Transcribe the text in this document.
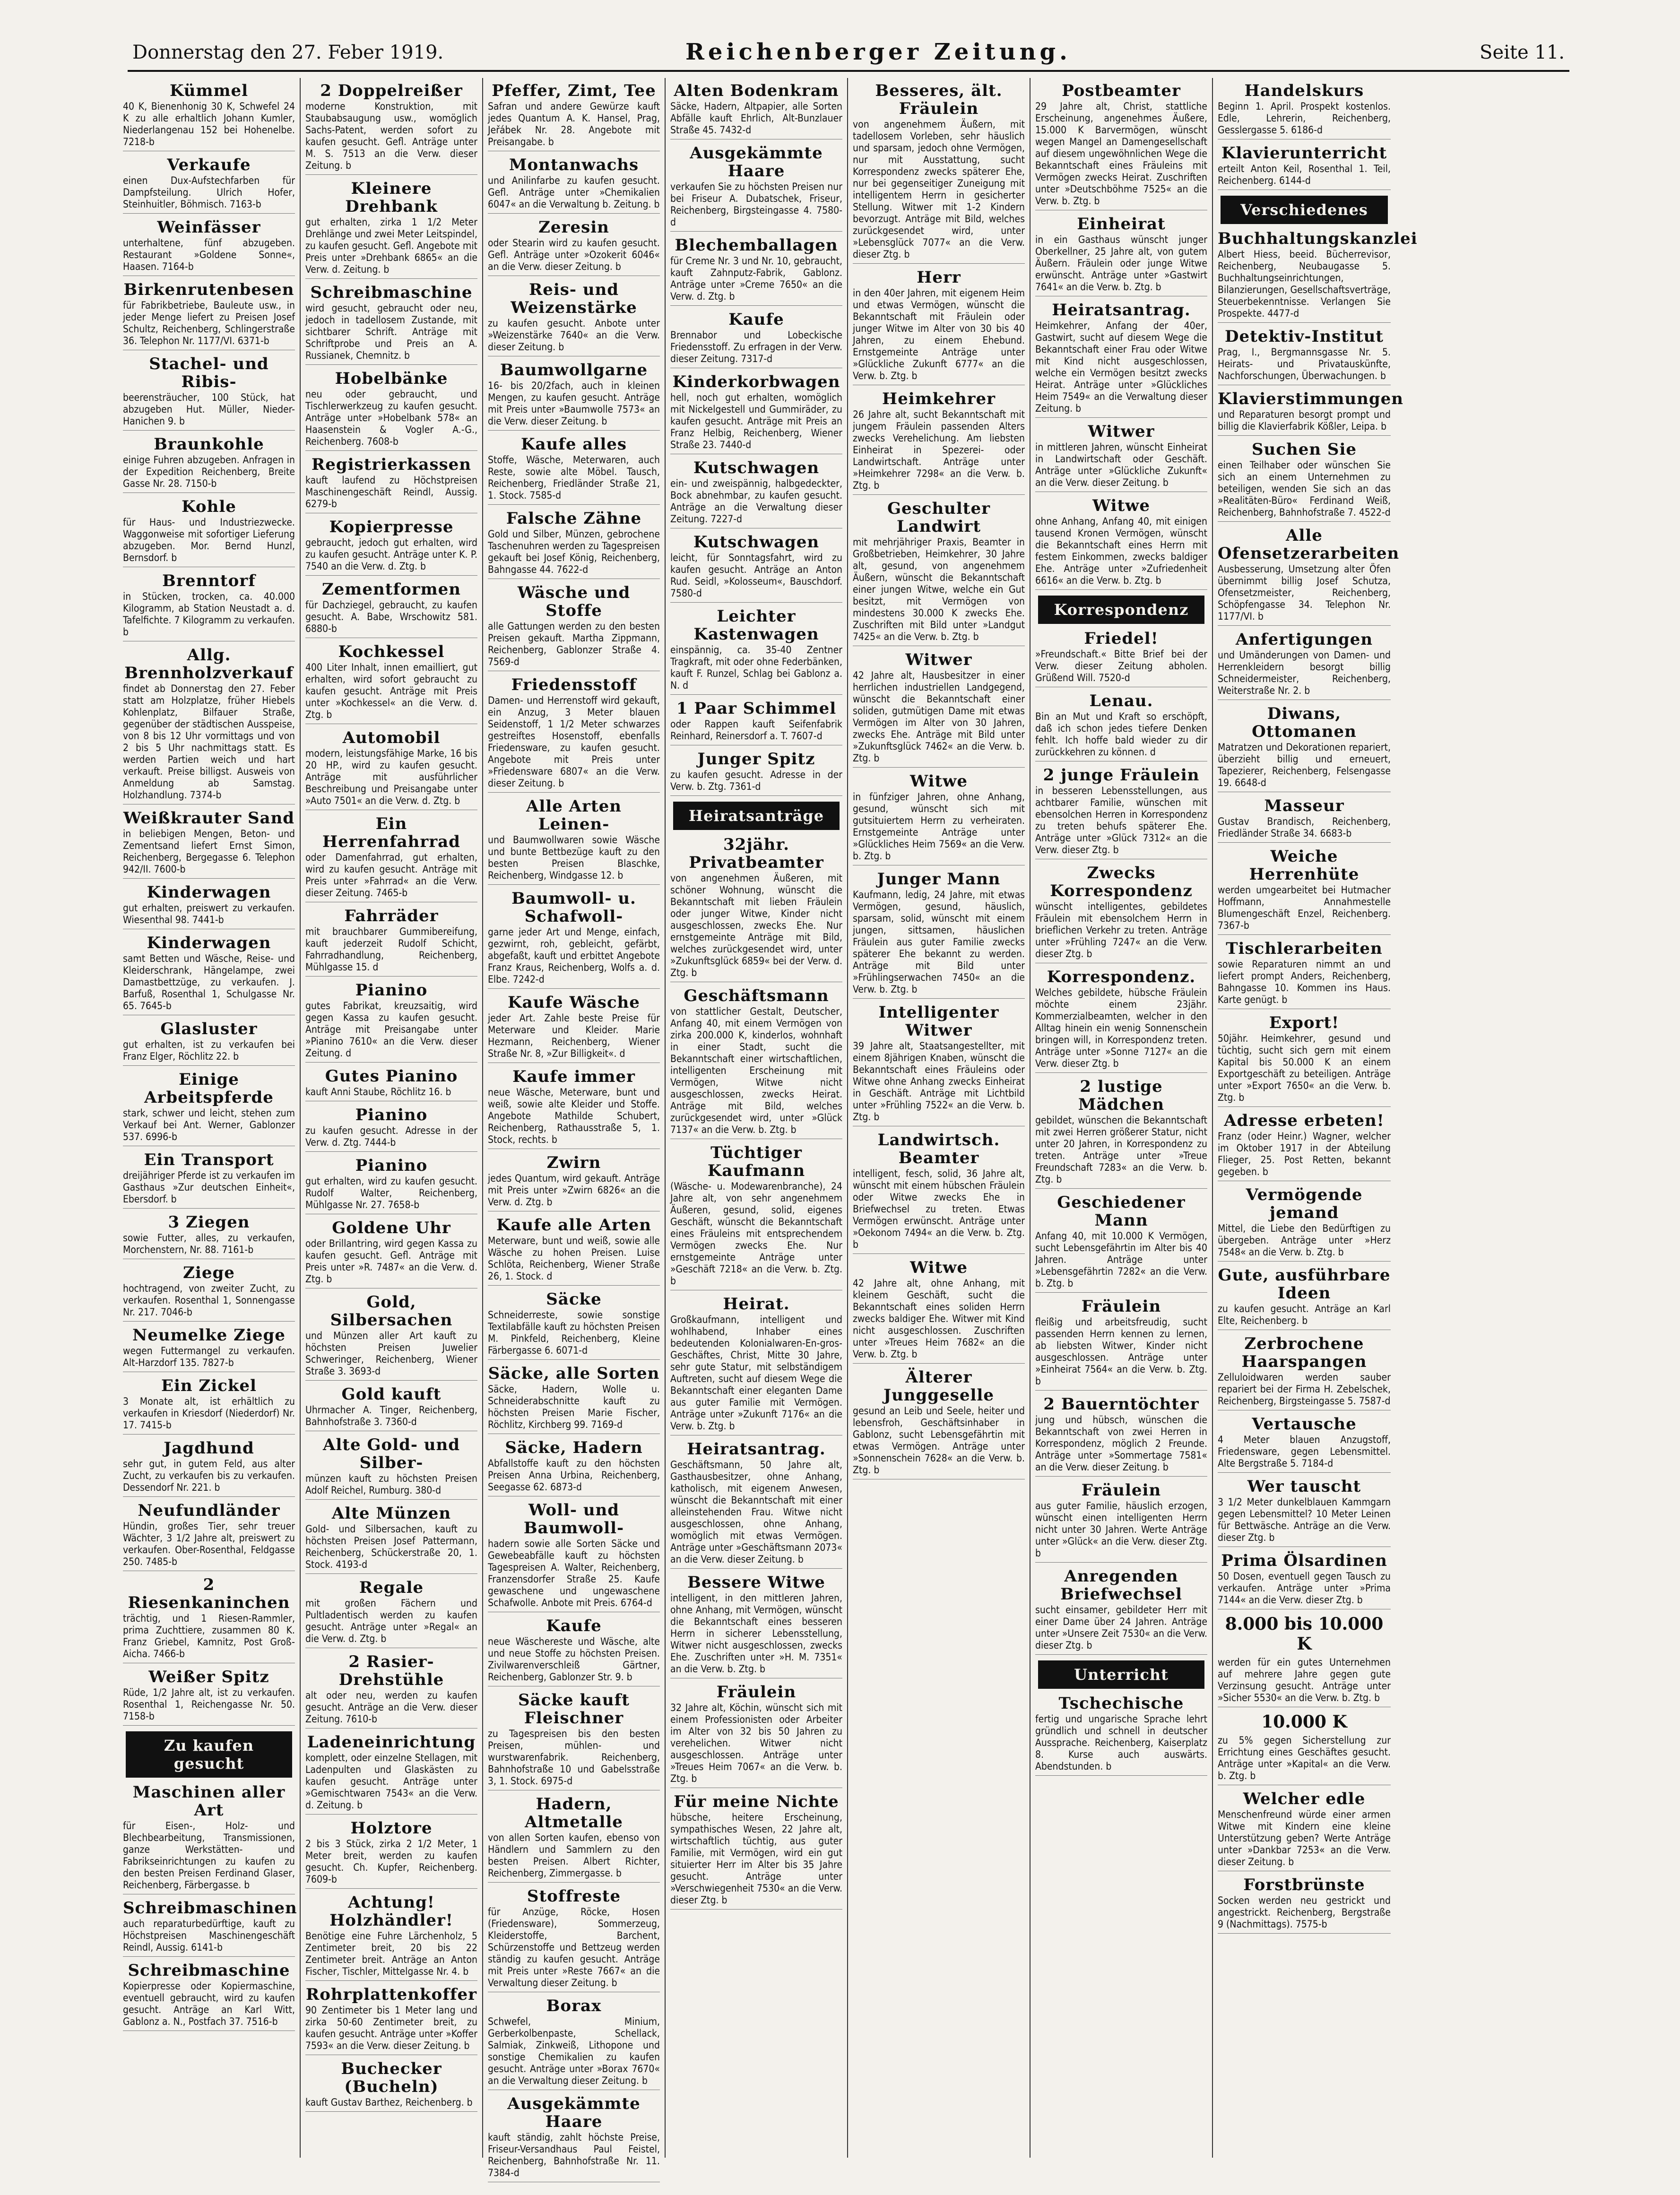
Donnerstag den 27. Feber 1919.	Reichenberger Zeitung.	Seite 11.
Kümmel
40 K, Bienenhonig 30 K, Schwefel 24 K zu alle erhaltlich Johann Kumler, Niederlangenau 152 bei Hohenelbe. 7218-b
Verkaufe
einen Dux-Aufstechfarben für Dampfsteilung. Ulrich Hofer, Steinhuitler, Böhmisch. 7163-b
Weinfässer
unterhaltene, fünf abzugeben. Restaurant »Goldene Sonne«, Haasen. 7164-b
Birkenrutenbesen
für Fabrikbetriebe, Bauleute usw., in jeder Menge liefert zu Preisen Josef Schultz, Reichenberg, Schlingerstraße 36. Telephon Nr. 1177/VI. 6371-b
Stachel- und Ribis-
beerensträucher, 100 Stück, hat abzugeben Hut. Müller, Nieder-Hanichen 9. b
Braunkohle
einige Fuhren abzugeben. Anfragen in der Expedition Reichenberg, Breite Gasse Nr. 28. 7150-b
Kohle
für Haus- und Industriezwecke. Waggonweise mit sofortiger Lieferung abzugeben. Mor. Bernd Hunzl, Bernsdorf. b
Brenntorf
in Stücken, trocken, ca. 40.000 Kilogramm, ab Station Neustadt a. d. Tafelfichte. 7 Kilogramm zu verkaufen. b
Allg. Brennholzverkauf
findet ab Donnerstag den 27. Feber statt am Holzplatze, früher Hiebels Kohlenplatz, Bilfauer Straße, gegenüber der städtischen Ausspeise, von 8 bis 12 Uhr vormittags und von 2 bis 5 Uhr nachmittags statt. Es werden Partien weich und hart verkauft. Preise billigst. Ausweis von Anmeldung ab Samstag. Holzhandlung. 7374-b
Weißkrauter Sand
in beliebigen Mengen, Beton- und Zementsand liefert Ernst Simon, Reichenberg, Bergegasse 6. Telephon 942/II. 7600-b
Kinderwagen
gut erhalten, preiswert zu verkaufen. Wiesenthal 98. 7441-b
Kinderwagen
samt Betten und Wäsche, Reise- und Kleiderschrank, Hängelampe, zwei Damastbettzüge, zu verkaufen. J. Barfuß, Rosenthal 1, Schulgasse Nr. 65. 7645-b
Glasluster
gut erhalten, ist zu verkaufen bei Franz Elger, Röchlitz 22. b
Einige Arbeitspferde
stark, schwer und leicht, stehen zum Verkauf bei Ant. Werner, Gablonzer 537. 6996-b
Ein Transport
dreijähriger Pferde ist zu verkaufen im Gasthaus »Zur deutschen Einheit«, Ebersdorf. b
3 Ziegen
sowie Futter, alles, zu verkaufen, Morchenstern, Nr. 88. 7161-b
Ziege
hochtragend, von zweiter Zucht, zu verkaufen. Rosenthal 1, Sonnengasse Nr. 217. 7046-b
Neumelke Ziege
wegen Futtermangel zu verkaufen. Alt-Harzdorf 135. 7827-b
Ein Zickel
3 Monate alt, ist erhältlich zu verkaufen in Kriesdorf (Niederdorf) Nr. 17. 7415-b
Jagdhund
sehr gut, in gutem Feld, aus alter Zucht, zu verkaufen bis zu verkaufen. Dessendorf Nr. 221. b
Neufundländer
Hündin, großes Tier, sehr treuer Wächter, 3 1/2 Jahre alt, preiswert zu verkaufen. Ober-Rosenthal, Feldgasse 250. 7485-b
2 Riesenkaninchen
trächtig, und 1 Riesen-Rammler, prima Zuchttiere, zusammen 80 K. Franz Griebel, Kamnitz, Post Groß-Aicha. 7466-b
Weißer Spitz
Rüde, 1/2 Jahre alt, ist zu verkaufen. Rosenthal 1, Reichengasse Nr. 50. 7158-b
Zu kaufen gesucht
Maschinen aller Art
für Eisen-, Holz- und Blechbearbeitung, Transmissionen, ganze Werkstätten- und Fabrikseinrichtungen zu kaufen zu den besten Preisen Ferdinand Glaser, Reichenberg, Färbergasse. b
Schreibmaschinen
auch reparaturbedürftige, kauft zu Höchstpreisen Maschinengeschäft Reindl, Aussig. 6141-b
Schreibmaschine
Kopierpresse oder Kopiermaschine, eventuell gebraucht, wird zu kaufen gesucht. Anträge an Karl Witt, Gablonz a. N., Postfach 37. 7516-b
2 Doppelreißer
moderne Konstruktion, mit Staubabsaugung usw., womöglich Sachs-Patent, werden sofort zu kaufen gesucht. Gefl. Anträge unter M. S. 7513 an die Verw. dieser Zeitung. b
Kleinere Drehbank
gut erhalten, zirka 1 1/2 Meter Drehlänge und zwei Meter Leitspindel, zu kaufen gesucht. Gefl. Angebote mit Preis unter »Drehbank 6865« an die Verw. d. Zeitung. b
Schreibmaschine
wird gesucht, gebraucht oder neu, jedoch in tadellosem Zustande, mit sichtbarer Schrift. Anträge mit Schriftprobe und Preis an A. Russianek, Chemnitz. b
Hobelbänke
neu oder gebraucht, und Tischlerwerkzeug zu kaufen gesucht. Anträge unter »Hobelbank 578« an Haasenstein & Vogler A.-G., Reichenberg. 7608-b
Registrierkassen
kauft laufend zu Höchstpreisen Maschinengeschäft Reindl, Aussig. 6279-b
Kopierpresse
gebraucht, jedoch gut erhalten, wird zu kaufen gesucht. Anträge unter K. P. 7540 an die Verw. d. Ztg. b
Zementformen
für Dachziegel, gebraucht, zu kaufen gesucht. A. Babe, Wrschowitz 581. 6880-b
Kochkessel
400 Liter Inhalt, innen emailliert, gut erhalten, wird sofort gebraucht zu kaufen gesucht. Anträge mit Preis unter »Kochkessel« an die Verw. d. Ztg. b
Automobil
modern, leistungsfähige Marke, 16 bis 20 HP., wird zu kaufen gesucht. Anträge mit ausführlicher Beschreibung und Preisangabe unter »Auto 7501« an die Verw. d. Ztg. b
Ein Herrenfahrrad
oder Damenfahrrad, gut erhalten, wird zu kaufen gesucht. Anträge mit Preis unter »Fahrrad« an die Verw. dieser Zeitung. 7465-b
Fahrräder
mit brauchbarer Gummibereifung, kauft jederzeit Rudolf Schicht, Fahrradhandlung, Reichenberg, Mühlgasse 15. d
Pianino
gutes Fabrikat, kreuzsaitig, wird gegen Kassa zu kaufen gesucht. Anträge mit Preisangabe unter »Pianino 7610« an die Verw. dieser Zeitung. d
Gutes Pianino
kauft Anni Staube, Röchlitz 16. b
Pianino
zu kaufen gesucht. Adresse in der Verw. d. Ztg. 7444-b
Pianino
gut erhalten, wird zu kaufen gesucht. Rudolf Walter, Reichenberg, Mühlgasse Nr. 27. 7658-b
Goldene Uhr
oder Brillantring, wird gegen Kassa zu kaufen gesucht. Gefl. Anträge mit Preis unter »R. 7487« an die Verw. d. Ztg. b
Gold, Silbersachen
und Münzen aller Art kauft zu höchsten Preisen Juwelier Schweringer, Reichenberg, Wiener Straße 3. 3693-d
Gold kauft
Uhrmacher A. Tinger, Reichenberg, Bahnhofstraße 3. 7360-d
Alte Gold- und Silber-
münzen kauft zu höchsten Preisen Adolf Reichel, Rumburg. 380-d
Alte Münzen
Gold- und Silbersachen, kauft zu höchsten Preisen Josef Pattermann, Reichenberg, Schückerstraße 20, 1. Stock. 4193-d
Regale
mit großen Fächern und Pultladentisch werden zu kaufen gesucht. Anträge unter »Regal« an die Verw. d. Ztg. b
2 Rasier-Drehstühle
alt oder neu, werden zu kaufen gesucht. Anträge an die Verw. dieser Zeitung. 7610-b
Ladeneinrichtung
komplett, oder einzelne Stellagen, mit Ladenpulten und Glaskästen zu kaufen gesucht. Anträge unter »Gemischtwaren 7543« an die Verw. d. Zeitung. b
Holztore
2 bis 3 Stück, zirka 2 1/2 Meter, 1 Meter breit, werden zu kaufen gesucht. Ch. Kupfer, Reichenberg. 7609-b
Achtung! Holzhändler!
Benötige eine Fuhre Lärchenholz, 5 Zentimeter breit, 20 bis 22 Zentimeter breit. Anträge an Anton Fischer, Tischler, Mittelgasse Nr. 4. b
Rohrplattenkoffer
90 Zentimeter bis 1 Meter lang und zirka 50-60 Zentimeter breit, zu kaufen gesucht. Anträge unter »Koffer 7593« an die Verw. dieser Zeitung. b
Buchecker (Bucheln)
kauft Gustav Barthez, Reichenberg. b
Pfeffer, Zimt, Tee
Safran und andere Gewürze kauft jedes Quantum A. K. Hansel, Prag, Jeřábek Nr. 28. Angebote mit Preisangabe. b
Montanwachs
und Anilinfarbe zu kaufen gesucht. Gefl. Anträge unter »Chemikalien 6047« an die Verwaltung b. Zeitung. b
Zeresin
oder Stearin wird zu kaufen gesucht. Gefl. Anträge unter »Ozokerit 6046« an die Verw. dieser Zeitung. b
Reis- und Weizenstärke
zu kaufen gesucht. Anbote unter »Weizenstärke 7640« an die Verw. dieser Zeitung. b
Baumwollgarne
16- bis 20/2fach, auch in kleinen Mengen, zu kaufen gesucht. Anträge mit Preis unter »Baumwolle 7573« an die Verw. dieser Zeitung. b
Kaufe alles
Stoffe, Wäsche, Meterwaren, auch Reste, sowie alte Möbel. Tausch, Reichenberg, Friedländer Straße 21, 1. Stock. 7585-d
Falsche Zähne
Gold und Silber, Münzen, gebrochene Taschenuhren werden zu Tagespreisen gekauft bei Josef König, Reichenberg, Bahngasse 44. 7622-d
Wäsche und Stoffe
alle Gattungen werden zu den besten Preisen gekauft. Martha Zippmann, Reichenberg, Gablonzer Straße 4. 7569-d
Friedensstoff
Damen- und Herrenstoff wird gekauft, ein Anzug, 3 Meter blauen Seidenstoff, 1 1/2 Meter schwarzes gestreiftes Hosenstoff, ebenfalls Friedensware, zu kaufen gesucht. Angebote mit Preis unter »Friedensware 6807« an die Verw. dieser Zeitung. b
Alle Arten Leinen-
und Baumwollwaren sowie Wäsche und bunte Bettbezüge kauft zu den besten Preisen Blaschke, Reichenberg, Windgasse 12. b
Baumwoll- u. Schafwoll-
garne jeder Art und Menge, einfach, gezwirnt, roh, gebleicht, gefärbt, abgefaßt, kauft und erbittet Angebote Franz Kraus, Reichenberg, Wolfs a. d. Elbe. 7242-d
Kaufe Wäsche
jeder Art. Zahle beste Preise für Meterware und Kleider. Marie Hezmann, Reichenberg, Wiener Straße Nr. 8, »Zur Billigkeit«. d
Kaufe immer
neue Wäsche, Meterware, bunt und weiß, sowie alte Kleider und Stoffe. Angebote Mathilde Schubert, Reichenberg, Rathausstraße 5, 1. Stock, rechts. b
Zwirn
jedes Quantum, wird gekauft. Anträge mit Preis unter »Zwirn 6826« an die Verw. d. Ztg. b
Kaufe alle Arten
Meterware, bunt und weiß, sowie alle Wäsche zu hohen Preisen. Luise Schlöta, Reichenberg, Wiener Straße 26, 1. Stock. d
Säcke
Schneiderreste, sowie sonstige Textilabfälle kauft zu höchsten Preisen M. Pinkfeld, Reichenberg, Kleine Färbergasse 6. 6071-d
Säcke, alle Sorten
Säcke, Hadern, Wolle u. Schneiderabschnitte kauft zu höchsten Preisen Marie Fischer, Röchlitz, Kirchberg 99. 7169-d
Säcke, Hadern
Abfallstoffe kauft zu den höchsten Preisen Anna Urbina, Reichenberg, Seegasse 62. 6873-d
Woll- und Baumwoll-
hadern sowie alle Sorten Säcke und Gewebeabfälle kauft zu höchsten Tagespreisen A. Walter, Reichenberg, Franzensdorfer Straße 25. Kaufe gewaschene und ungewaschene Schafwolle. Anbote mit Preis. 6764-d
Kaufe
neue Wäschereste und Wäsche, alte und neue Stoffe zu höchsten Preisen. Zivilwarenverschleiß Gärtner, Reichenberg, Gablonzer Str. 9. b
Säcke kauft Fleischner
zu Tagespreisen bis den besten Preisen, mühlen- und wurstwarenfabrik. Reichenberg, Bahnhofstraße 10 und Gabelsstraße 3, 1. Stock. 6975-d
Hadern, Altmetalle
von allen Sorten kaufen, ebenso von Händlern und Sammlern zu den besten Preisen. Albert Richter, Reichenberg, Zimmergasse. b
Stoffreste
für Anzüge, Röcke, Hosen (Friedensware), Sommerzeug, Kleiderstoffe, Barchent, Schürzenstoffe und Bettzeug werden ständig zu kaufen gesucht. Anträge mit Preis unter »Reste 7667« an die Verwaltung dieser Zeitung. b
Borax
Schwefel, Minium, Gerberkolbenpaste, Schellack, Salmiak, Zinkweiß, Lithopone und sonstige Chemikalien zu kaufen gesucht. Anträge unter »Borax 7670« an die Verwaltung dieser Zeitung. b
Ausgekämmte Haare
kauft ständig, zahlt höchste Preise, Friseur-Versandhaus Paul Feistel, Reichenberg, Bahnhofstraße Nr. 11. 7384-d
Alten Bodenkram
Säcke, Hadern, Altpapier, alle Sorten Abfälle kauft Ehrlich, Alt-Bunzlauer Straße 45. 7432-d
Ausgekämmte Haare
verkaufen Sie zu höchsten Preisen nur bei Friseur A. Dubatschek, Friseur, Reichenberg, Birgsteingasse 4. 7580-d
Blechemballagen
für Creme Nr. 3 und Nr. 10, gebraucht, kauft Zahnputz-Fabrik, Gablonz. Anträge unter »Creme 7650« an die Verw. d. Ztg. b
Kaufe
Brennabor und Lobeckische Friedensstoff. Zu erfragen in der Verw. dieser Zeitung. 7317-d
Kinderkorbwagen
hell, noch gut erhalten, womöglich mit Nickelgestell und Gummiräder, zu kaufen gesucht. Anträge mit Preis an Franz Helbig, Reichenberg, Wiener Straße 23. 7440-d
Kutschwagen
ein- und zweispännig, halbgedeckter, Bock abnehmbar, zu kaufen gesucht. Anträge an die Verwaltung dieser Zeitung. 7227-d
Kutschwagen
leicht, für Sonntagsfahrt, wird zu kaufen gesucht. Anträge an Anton Rud. Seidl, »Kolosseum«, Bauschdorf. 7580-d
Leichter Kastenwagen
einspännig, ca. 35-40 Zentner Tragkraft, mit oder ohne Federbänken, kauft F. Runzel, Schlag bei Gablonz a. N. d
1 Paar Schimmel
oder Rappen kauft Seifenfabrik Reinhard, Reinersdorf a. T. 7607-d
Junger Spitz
zu kaufen gesucht. Adresse in der Verw. b. Ztg. 7361-d
Heiratsanträge
32jähr. Privatbeamter
von angenehmen Äußeren, mit schöner Wohnung, wünscht die Bekanntschaft mit lieben Fräulein oder junger Witwe, Kinder nicht ausgeschlossen, zwecks Ehe. Nur ernstgemeinte Anträge mit Bild, welches zurückgesendet wird, unter »Zukunftsglück 6859« bei der Verw. d. Ztg. b
Geschäftsmann
von stattlicher Gestalt, Deutscher, Anfang 40, mit einem Vermögen von zirka 200.000 K, kinderlos, wohnhaft in einer Stadt, sucht die Bekanntschaft einer wirtschaftlichen, intelligenten Erscheinung mit Vermögen, Witwe nicht ausgeschlossen, zwecks Heirat. Anträge mit Bild, welches zurückgesendet wird, unter »Glück 7137« an die Verw. b. Ztg. b
Tüchtiger Kaufmann
(Wäsche- u. Modewarenbranche), 24 Jahre alt, von sehr angenehmem Äußeren, gesund, solid, eigenes Geschäft, wünscht die Bekanntschaft eines Fräuleins mit entsprechendem Vermögen zwecks Ehe. Nur ernstgemeinte Anträge unter »Geschäft 7218« an die Verw. b. Ztg. b
Heirat.
Großkaufmann, intelligent und wohlhabend, Inhaber eines bedeutenden Kolonialwaren-En-gros-Geschäftes, Christ, Mitte 30 Jahre, sehr gute Statur, mit selbständigem Auftreten, sucht auf diesem Wege die Bekanntschaft einer eleganten Dame aus guter Familie mit Vermögen. Anträge unter »Zukunft 7176« an die Verw. b. Ztg. b
Heiratsantrag.
Geschäftsmann, 50 Jahre alt, Gasthausbesitzer, ohne Anhang, katholisch, mit eigenem Anwesen, wünscht die Bekanntschaft mit einer alleinstehenden Frau. Witwe nicht ausgeschlossen, ohne Anhang, womöglich mit etwas Vermögen. Anträge unter »Geschäftsmann 2073« an die Verw. dieser Zeitung. b
Bessere Witwe
intelligent, in den mittleren Jahren, ohne Anhang, mit Vermögen, wünscht die Bekanntschaft eines besseren Herrn in sicherer Lebensstellung, Witwer nicht ausgeschlossen, zwecks Ehe. Zuschriften unter »H. M. 7351« an die Verw. b. Ztg. b
Fräulein
32 Jahre alt, Köchin, wünscht sich mit einem Professionisten oder Arbeiter im Alter von 32 bis 50 Jahren zu verehelichen. Witwer nicht ausgeschlossen. Anträge unter »Treues Heim 7067« an die Verw. b. Ztg. b
Für meine Nichte
hübsche, heitere Erscheinung, sympathisches Wesen, 22 Jahre alt, wirtschaftlich tüchtig, aus guter Familie, mit Vermögen, wird ein gut situierter Herr im Alter bis 35 Jahre gesucht. Anträge unter »Verschwiegenheit 7530« an die Verw. dieser Ztg. b
Besseres, ält. Fräulein
von angenehmem Äußern, mit tadellosem Vorleben, sehr häuslich und sparsam, jedoch ohne Vermögen, nur mit Ausstattung, sucht Korrespondenz zwecks späterer Ehe, nur bei gegenseitiger Zuneigung mit intelligentem Herrn in gesicherter Stellung. Witwer mit 1-2 Kindern bevorzugt. Anträge mit Bild, welches zurückgesendet wird, unter »Lebensglück 7077« an die Verw. dieser Ztg. b
Herr
in den 40er Jahren, mit eigenem Heim und etwas Vermögen, wünscht die Bekanntschaft mit Fräulein oder junger Witwe im Alter von 30 bis 40 Jahren, zu einem Ehebund. Ernstgemeinte Anträge unter »Glückliche Zukunft 6777« an die Verw. b. Ztg. b
Heimkehrer
26 Jahre alt, sucht Bekanntschaft mit jungem Fräulein passenden Alters zwecks Verehelichung. Am liebsten Einheirat in Spezerei- oder Landwirtschaft. Anträge unter »Heimkehrer 7298« an die Verw. b. Ztg. b
Geschulter Landwirt
mit mehrjähriger Praxis, Beamter in Großbetrieben, Heimkehrer, 30 Jahre alt, gesund, von angenehmem Äußern, wünscht die Bekanntschaft einer jungen Witwe, welche ein Gut besitzt, mit Vermögen von mindestens 30.000 K zwecks Ehe. Zuschriften mit Bild unter »Landgut 7425« an die Verw. b. Ztg. b
Witwer
42 Jahre alt, Hausbesitzer in einer herrlichen industriellen Landgegend, wünscht die Bekanntschaft einer soliden, gutmütigen Dame mit etwas Vermögen im Alter von 30 Jahren, zwecks Ehe. Anträge mit Bild unter »Zukunftsglück 7462« an die Verw. b. Ztg. b
Witwe
in fünfziger Jahren, ohne Anhang, gesund, wünscht sich mit gutsituiertem Herrn zu verheiraten. Ernstgemeinte Anträge unter »Glückliches Heim 7569« an die Verw. b. Ztg. b
Junger Mann
Kaufmann, ledig, 24 Jahre, mit etwas Vermögen, gesund, häuslich, sparsam, solid, wünscht mit einem jungen, sittsamen, häuslichen Fräulein aus guter Familie zwecks späterer Ehe bekannt zu werden. Anträge mit Bild unter »Frühlingserwachen 7450« an die Verw. b. Ztg. b
Intelligenter Witwer
39 Jahre alt, Staatsangestellter, mit einem 8jährigen Knaben, wünscht die Bekanntschaft eines Fräuleins oder Witwe ohne Anhang zwecks Einheirat in Geschäft. Anträge mit Lichtbild unter »Frühling 7522« an die Verw. b. Ztg. b
Landwirtsch. Beamter
intelligent, fesch, solid, 36 Jahre alt, wünscht mit einem hübschen Fräulein oder Witwe zwecks Ehe in Briefwechsel zu treten. Etwas Vermögen erwünscht. Anträge unter »Oekonom 7494« an die Verw. b. Ztg. b
Witwe
42 Jahre alt, ohne Anhang, mit kleinem Geschäft, sucht die Bekanntschaft eines soliden Herrn zwecks baldiger Ehe. Witwer mit Kind nicht ausgeschlossen. Zuschriften unter »Treues Heim 7682« an die Verw. b. Ztg. b
Älterer Junggeselle
gesund an Leib und Seele, heiter und lebensfroh, Geschäftsinhaber in Gablonz, sucht Lebensgefährtin mit etwas Vermögen. Anträge unter »Sonnenschein 7628« an die Verw. b. Ztg. b
Postbeamter
29 Jahre alt, Christ, stattliche Erscheinung, angenehmes Äußere, 15.000 K Barvermögen, wünscht wegen Mangel an Damengesellschaft auf diesem ungewöhnlichen Wege die Bekanntschaft eines Fräuleins mit Vermögen zwecks Heirat. Zuschriften unter »Deutschböhme 7525« an die Verw. b. Ztg. b
Einheirat
in ein Gasthaus wünscht junger Oberkellner, 25 Jahre alt, von gutem Äußern. Fräulein oder junge Witwe erwünscht. Anträge unter »Gastwirt 7641« an die Verw. b. Ztg. b
Heiratsantrag.
Heimkehrer, Anfang der 40er, Gastwirt, sucht auf diesem Wege die Bekanntschaft einer Frau oder Witwe mit Kind nicht ausgeschlossen, welche ein Vermögen besitzt zwecks Heirat. Anträge unter »Glückliches Heim 7549« an die Verwaltung dieser Zeitung. b
Witwer
in mittleren Jahren, wünscht Einheirat in Landwirtschaft oder Geschäft. Anträge unter »Glückliche Zukunft« an die Verw. dieser Zeitung. b
Witwe
ohne Anhang, Anfang 40, mit einigen tausend Kronen Vermögen, wünscht die Bekanntschaft eines Herrn mit festem Einkommen, zwecks baldiger Ehe. Anträge unter »Zufriedenheit 6616« an die Verw. b. Ztg. b
Korrespondenz
Friedel!
»Freundschaft.« Bitte Brief bei der Verw. dieser Zeitung abholen. Grüßend Will. 7520-d
Lenau.
Bin an Mut und Kraft so erschöpft, daß ich schon jedes tiefere Denken fehlt. Ich hoffe bald wieder zu dir zurückkehren zu können. d
2 junge Fräulein
in besseren Lebensstellungen, aus achtbarer Familie, wünschen mit ebensolchen Herren in Korrespondenz zu treten behufs späterer Ehe. Anträge unter »Glück 7312« an die Verw. dieser Ztg. b
Zwecks Korrespondenz
wünscht intelligentes, gebildetes Fräulein mit ebensolchem Herrn in brieflichen Verkehr zu treten. Anträge unter »Frühling 7247« an die Verw. dieser Ztg. b
Korrespondenz.
Welches gebildete, hübsche Fräulein möchte einem 23jähr. Kommerzialbeamten, welcher in den Alltag hinein ein wenig Sonnenschein bringen will, in Korrespondenz treten. Anträge unter »Sonne 7127« an die Verw. dieser Ztg. b
2 lustige Mädchen
gebildet, wünschen die Bekanntschaft mit zwei Herren größerer Statur, nicht unter 20 Jahren, in Korrespondenz zu treten. Anträge unter »Treue Freundschaft 7283« an die Verw. b. Ztg. b
Geschiedener Mann
Anfang 40, mit 10.000 K Vermögen, sucht Lebensgefährtin im Alter bis 40 Jahren. Anträge unter »Lebensgefährtin 7282« an die Verw. b. Ztg. b
Fräulein
fleißig und arbeitsfreudig, sucht passenden Herrn kennen zu lernen, ab liebsten Witwer, Kinder nicht ausgeschlossen. Anträge unter »Einheirat 7564« an die Verw. b. Ztg. b
2 Bauerntöchter
jung und hübsch, wünschen die Bekanntschaft von zwei Herren in Korrespondenz, möglich 2 Freunde. Anträge unter »Sommertage 7581« an die Verw. dieser Zeitung. b
Fräulein
aus guter Familie, häuslich erzogen, wünscht einen intelligenten Herrn nicht unter 30 Jahren. Werte Anträge unter »Glück« an die Verw. dieser Ztg. b
Anregenden Briefwechsel
sucht einsamer, gebildeter Herr mit einer Dame über 24 Jahren. Anträge unter »Unsere Zeit 7530« an die Verw. dieser Ztg. b
Unterricht
Tschechische
fertig und ungarische Sprache lehrt gründlich und schnell in deutscher Aussprache. Reichenberg, Kaiserplatz 8. Kurse auch auswärts. Abendstunden. b
Handelskurs
Beginn 1. April. Prospekt kostenlos. Edle, Lehrerin, Reichenberg, Gesslergasse 5. 6186-d
Klavierunterricht
erteilt Anton Keil, Rosenthal 1. Teil, Reichenberg. 6144-d
Verschiedenes
Buchhaltungskanzlei
Albert Hiess, beeid. Bücherrevisor, Reichenberg, Neubaugasse 5. Buchhaltungseinrichtungen, Bilanzierungen, Gesellschaftsverträge, Steuerbekenntnisse. Verlangen Sie Prospekte. 4477-d
Detektiv-Institut
Prag, I., Bergmannsgasse Nr. 5. Heirats- und Privatauskünfte, Nachforschungen, Überwachungen. b
Klavierstimmungen
und Reparaturen besorgt prompt und billig die Klavierfabrik Kößler, Leipa. b
Suchen Sie
einen Teilhaber oder wünschen Sie sich an einem Unternehmen zu beteiligen, wenden Sie sich an das »Realitäten-Büro« Ferdinand Weiß, Reichenberg, Bahnhofstraße 7. 4522-d
Alle Ofensetzerarbeiten
Ausbesserung, Umsetzung alter Öfen übernimmt billig Josef Schutza, Ofensetzmeister, Reichenberg, Schöpfengasse 34. Telephon Nr. 1177/VI. b
Anfertigungen
und Umänderungen von Damen- und Herrenkleidern besorgt billig Schneidermeister, Reichenberg, Weiterstraße Nr. 2. b
Diwans, Ottomanen
Matratzen und Dekorationen repariert, überzieht billig und erneuert, Tapezierer, Reichenberg, Felsengasse 19. 6648-d
Masseur
Gustav Brandisch, Reichenberg, Friedländer Straße 34. 6683-b
Weiche Herrenhüte
werden umgearbeitet bei Hutmacher Hoffmann, Annahmestelle Blumengeschäft Enzel, Reichenberg. 7367-b
Tischlerarbeiten
sowie Reparaturen nimmt an und liefert prompt Anders, Reichenberg, Bahngasse 10. Kommen ins Haus. Karte genügt. b
Export!
50jähr. Heimkehrer, gesund und tüchtig, sucht sich gern mit einem Kapital bis 50.000 K an einem Exportgeschäft zu beteiligen. Anträge unter »Export 7650« an die Verw. b. Ztg. b
Adresse erbeten!
Franz (oder Heinr.) Wagner, welcher im Oktober 1917 in der Abteilung Flieger, 25. Post Retten, bekannt gegeben. b
Vermögende jemand
Mittel, die Liebe den Bedürftigen zu übergeben. Anträge unter »Herz 7548« an die Verw. b. Ztg. b
Gute, ausführbare Ideen
zu kaufen gesucht. Anträge an Karl Elte, Reichenberg. b
Zerbrochene Haarspangen
Zelluloidwaren werden sauber repariert bei der Firma H. Zebelschek, Reichenberg, Birgsteingasse 5. 7587-d
Vertausche
4 Meter blauen Anzugstoff, Friedensware, gegen Lebensmittel. Alte Bergstraße 5. 7184-d
Wer tauscht
3 1/2 Meter dunkelblauen Kammgarn gegen Lebensmittel? 10 Meter Leinen für Bettwäsche. Anträge an die Verw. dieser Ztg. b
Prima Ölsardinen
50 Dosen, eventuell gegen Tausch zu verkaufen. Anträge unter »Prima 7144« an die Verw. dieser Ztg. b
8.000 bis 10.000 K
werden für ein gutes Unternehmen auf mehrere Jahre gegen gute Verzinsung gesucht. Anträge unter »Sicher 5530« an die Verw. b. Ztg. b
10.000 K
zu 5% gegen Sicherstellung zur Errichtung eines Geschäftes gesucht. Anträge unter »Kapital« an die Verw. b. Ztg. b
Welcher edle
Menschenfreund würde einer armen Witwe mit Kindern eine kleine Unterstützung geben? Werte Anträge unter »Dankbar 7253« an die Verw. dieser Zeitung. b
Forstbrünste
Socken werden neu gestrickt und angestrickt. Reichenberg, Bergstraße 9 (Nachmittags). 7575-b
